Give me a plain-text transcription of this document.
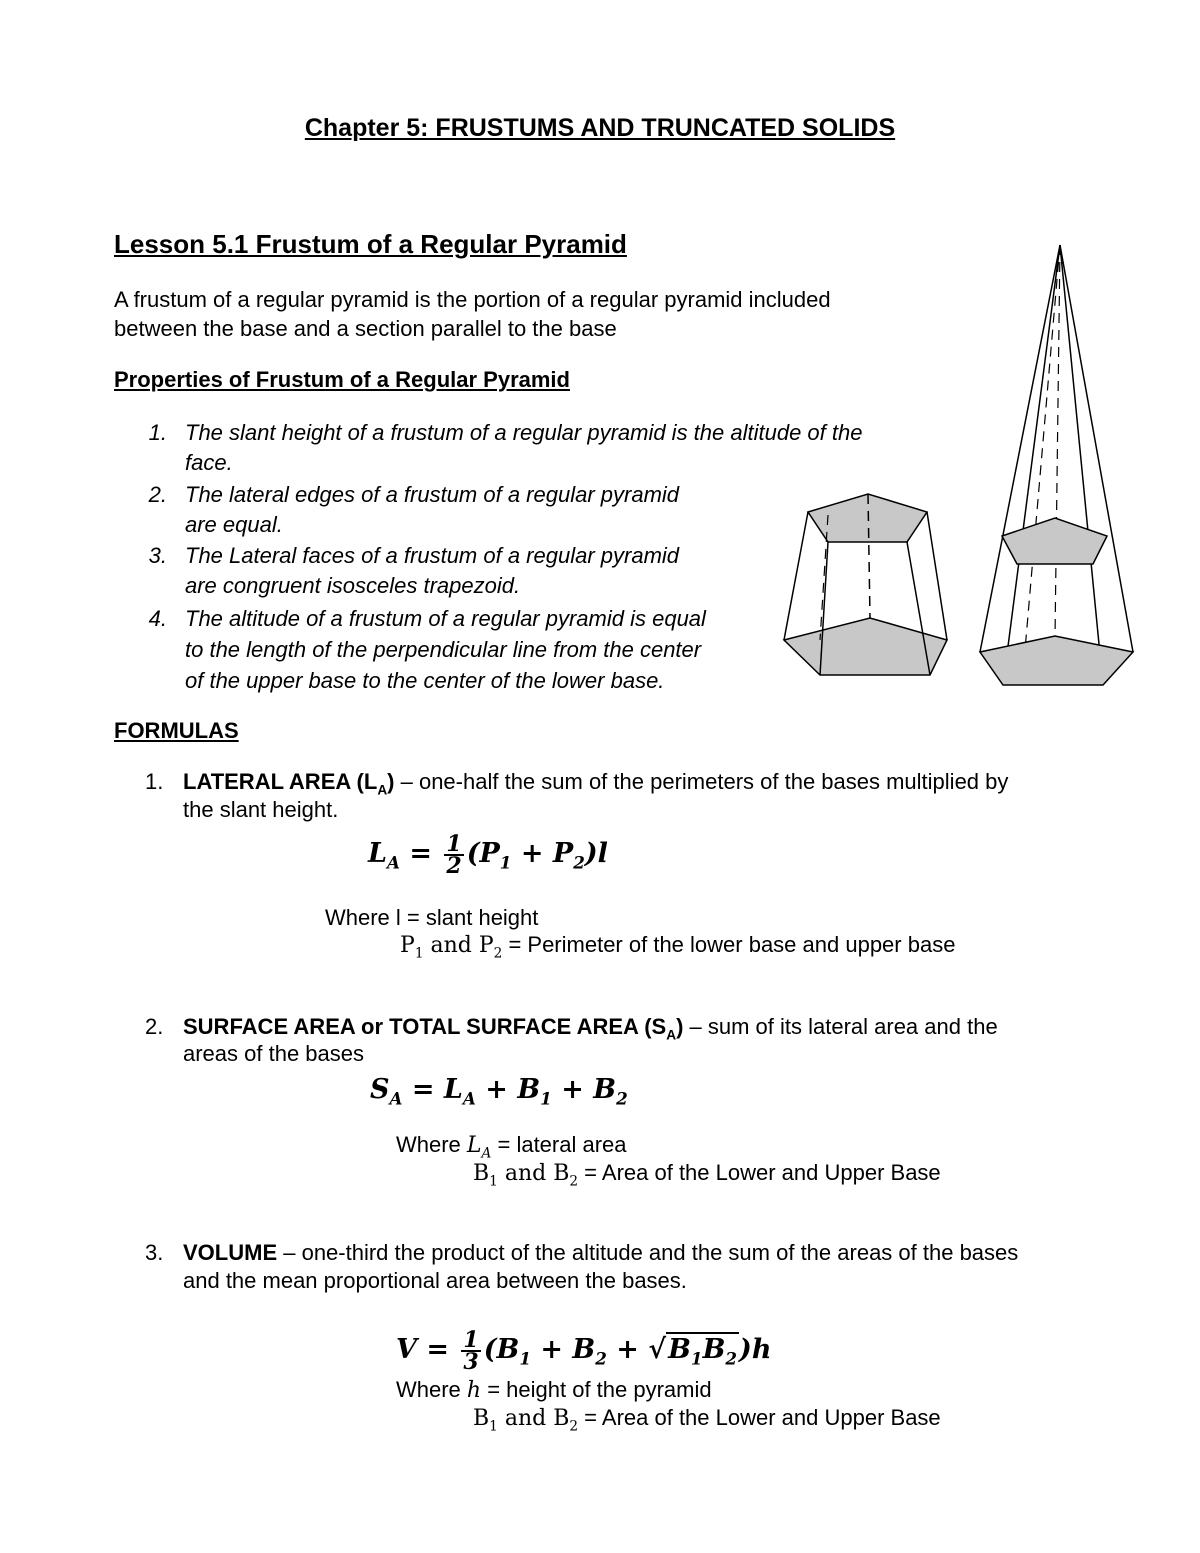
Chapter 5: FRUSTUMS AND TRUNCATED SOLIDS
Lesson 5.1 Frustum of a Regular Pyramid
A frustum of a regular pyramid is the portion of a regular pyramid included
between the base and a section parallel to the base
Properties of Frustum of a Regular Pyramid
1. The slant height of a frustum of a regular pyramid is the altitude of the
face.
2. The lateral edges of a frustum of a regular pyramid
are equal.
3. The Lateral faces of a frustum of a regular pyramid
are congruent isosceles trapezoid.
4. The altitude of a frustum of a regular pyramid is equal
to the length of the perpendicular line from the center
of the upper base to the center of the lower base.
FORMULAS
1. LATERAL AREA $(L_A)$ – one-half the sum of the perimeters of the bases multiplied by
the slant height.
$L_A = \frac{1}{2} (P_1 + P_2)l$
Where l = slant height
$P_1$ and $P_2$ = Perimeter of the lower base and upper base
2. SURFACE AREA or TOTAL SURFACE AREA $(S_A)$ – sum of its lateral area and the
areas of the bases
$S_A = L_A + B_1 + B_2$
Where $L_A$ = lateral area
$B_1$ and $B_2$ = Area of the Lower and Upper Base
3. VOLUME – one-third the product of the altitude and the sum of the areas of the bases
and the mean proportional area between the bases.
$V = \frac{1}{3} (B_1 + B_2 + √B_1B_2)h$
Where h = height of the pyramid
$B_1$ and $B_2$ = Area of the Lower and Upper Base
